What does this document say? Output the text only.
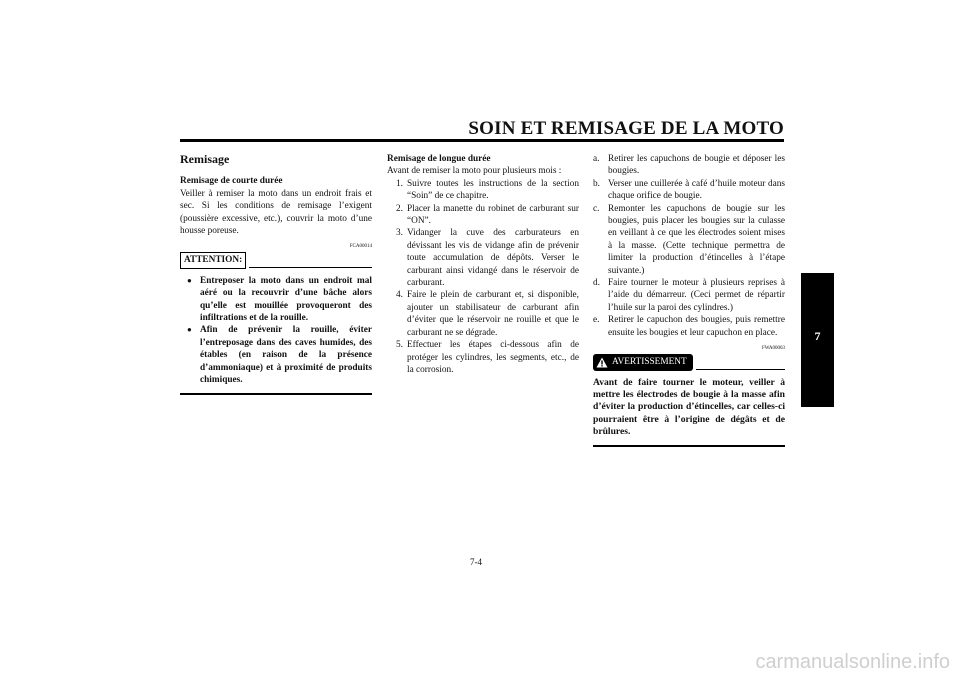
SOIN ET REMISAGE DE LA MOTO
7
Remisage
Remisage de courte durée

Veiller à remiser la moto dans un endroit frais et sec. Si les conditions de remisage l’exigent (poussière excessive, etc.), couvrir la moto d’une housse poreuse.

FCA00014
ATTENTION:
● Entreposer la moto dans un endroit mal aéré ou la recouvrir d’une bâche alors qu’elle est mouillée provoqueront des infiltrations et de la rouille.
● Afin de prévenir la rouille, éviter l’entreposage dans des caves humides, des étables (en raison de la présence d’ammoniaque) et à proximité de produits chimiques.
Remisage de longue durée

Avant de remiser la moto pour plusieurs mois :

1. Suivre toutes les instructions de la section “Soin” de ce chapitre.
2. Placer la manette du robinet de carburant sur “ON”.
3. Vidanger la cuve des carburateurs en dévissant les vis de vidange afin de prévenir toute accumulation de dépôts. Verser le carburant ainsi vidangé dans le réservoir de carburant.
4. Faire le plein de carburant et, si disponible, ajouter un stabilisateur de carburant afin d’éviter que le réservoir ne rouille et que le carburant ne se dégrade.
5. Effectuer les étapes ci-dessous afin de protéger les cylindres, les segments, etc., de la corrosion.
a. Retirer les capuchons de bougie et déposer les bougies.
b. Verser une cuillerée à café d’huile moteur dans chaque orifice de bougie.
c. Remonter les capuchons de bougie sur les bougies, puis placer les bougies sur la culasse en veillant à ce que les électrodes soient mises à la masse. (Cette technique permettra de limiter la production d’étincelles à l’étape suivante.)
d. Faire tourner le moteur à plusieurs reprises à l’aide du démarreur. (Ceci permet de répartir l’huile sur la paroi des cylindres.)
e. Retirer le capuchon des bougies, puis remettre ensuite les bougies et leur capuchon en place.
FWA00003
AVERTISSEMENT
Avant de faire tourner le moteur, veiller à mettre les électrodes de bougie à la masse afin d’éviter la production d’étincelles, car celles-ci pourraient être à l’origine de dégâts et de brûlures.
7-4
carmanualsonline.info
